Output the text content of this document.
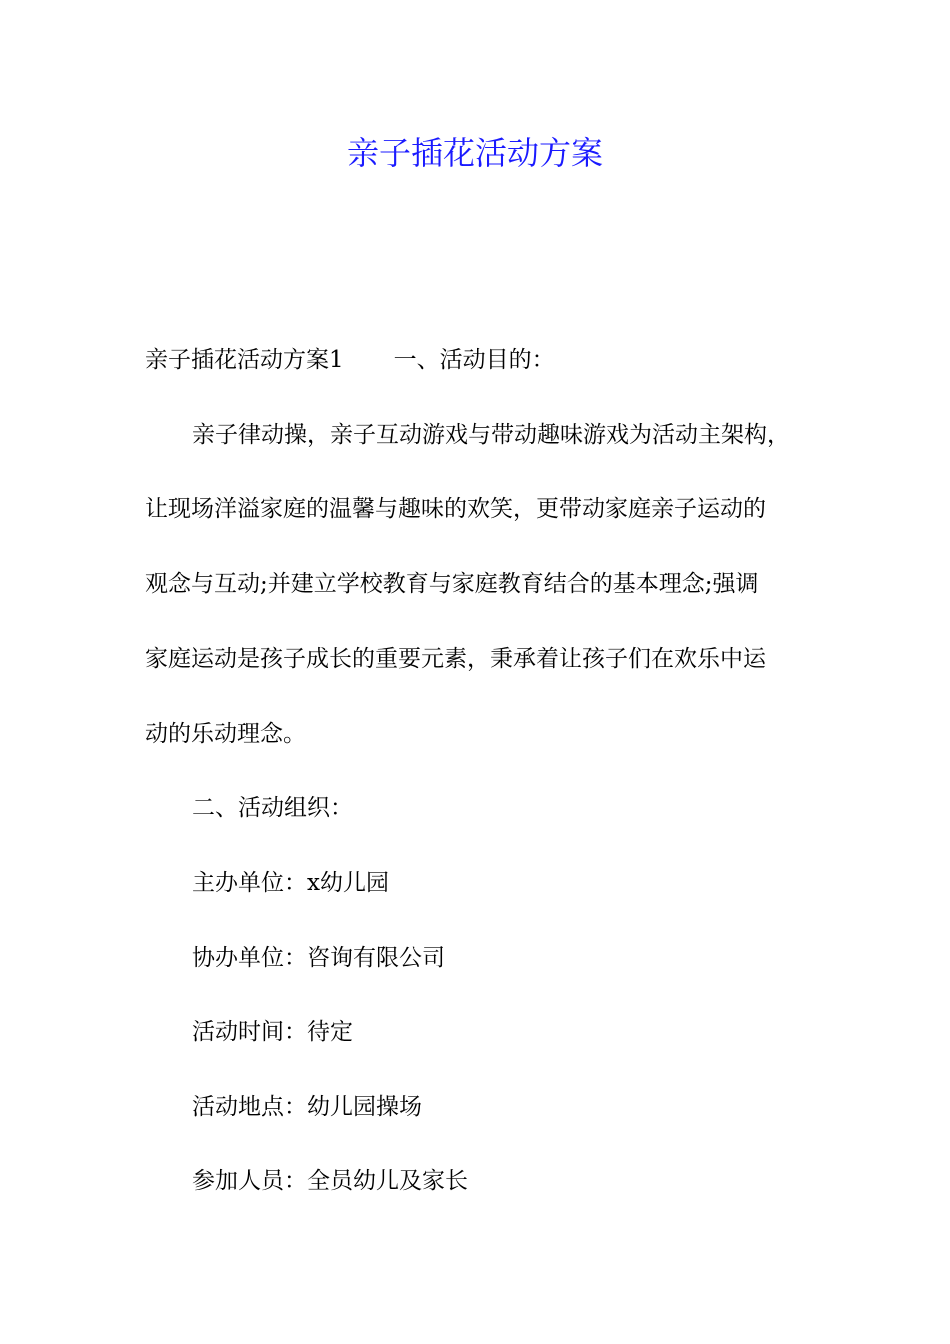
亲子插花活动方案

亲子插花活动方案1 一、活动目的：

亲子律动操，亲子互动游戏与带动趣味游戏为活动主架构，

让现场洋溢家庭的温馨与趣味的欢笑，更带动家庭亲子运动的

观念与互动;并建立学校教育与家庭教育结合的基本理念;强调

家庭运动是孩子成长的重要元素，秉承着让孩子们在欢乐中运

动的乐动理念。

二、活动组织：

主办单位：x幼儿园

协办单位：咨询有限公司

活动时间：待定

活动地点：幼儿园操场

参加人员：全员幼儿及家长
